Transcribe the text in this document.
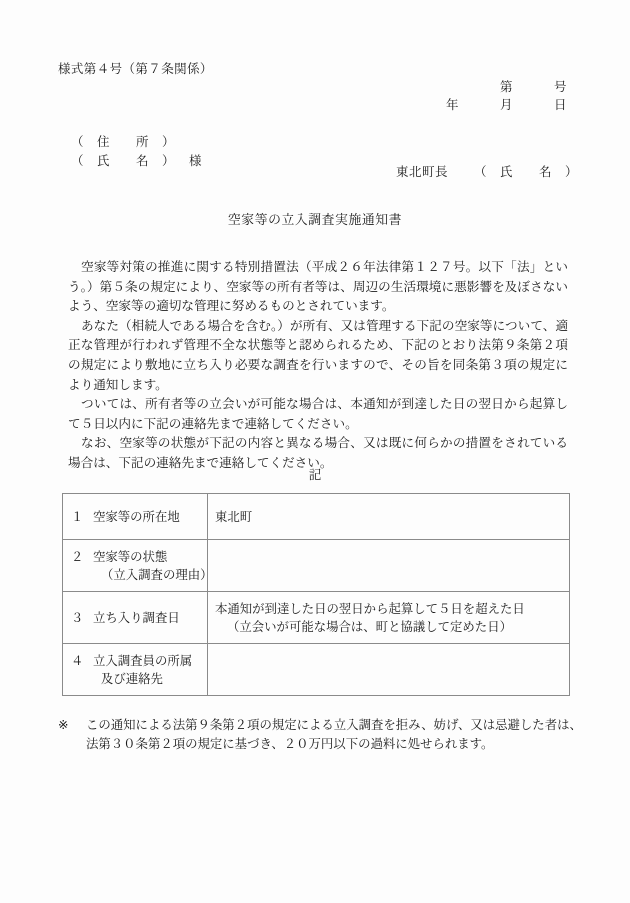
様式第４号（第７条関係）
第	号
年	月	日
（　住　　所　）
（　氏　　名　） 様
東北町長 （　氏　　名　）
空家等の立入調査実施通知書

空家等対策の推進に関する特別措置法（平成２６年法律第１２７号。以下「法」という。）第５条の規定により、空家等の所有者等は、周辺の生活環境に悪影響を及ぼさないよう、空家等の適切な管理に努めるものとされています。

あなた（相続人である場合を含む。）が所有、又は管理する下記の空家等について、適正な管理が行われず管理不全な状態等と認められるため、下記のとおり法第９条第２項の規定により敷地に立ち入り必要な調査を行いますので、その旨を同条第３項の規定により通知します。

ついては、所有者等の立会いが可能な場合は、本通知が到達した日の翌日から起算して５日以内に下記の連絡先まで連絡してください。

なお、空家等の状態が下記の内容と異なる場合、又は既に何らかの措置をされている場合は、下記の連絡先まで連絡してください。

記
１ 空家等の所在地	東北町
２ 空家等の状態
（立入調査の理由）	

３ 立ち入り調査日	本通知が到達した日の翌日から起算して５日を超えた日
（立会いが可能な場合は、町と協議して定めた日）

４ 立入調査員の所属
及び連絡先	

※ この通知による法第９条第２項の規定による立入調査を拒み、妨げ、又は忌避した者は、
法第３０条第２項の規定に基づき、２０万円以下の過料に処せられます。
